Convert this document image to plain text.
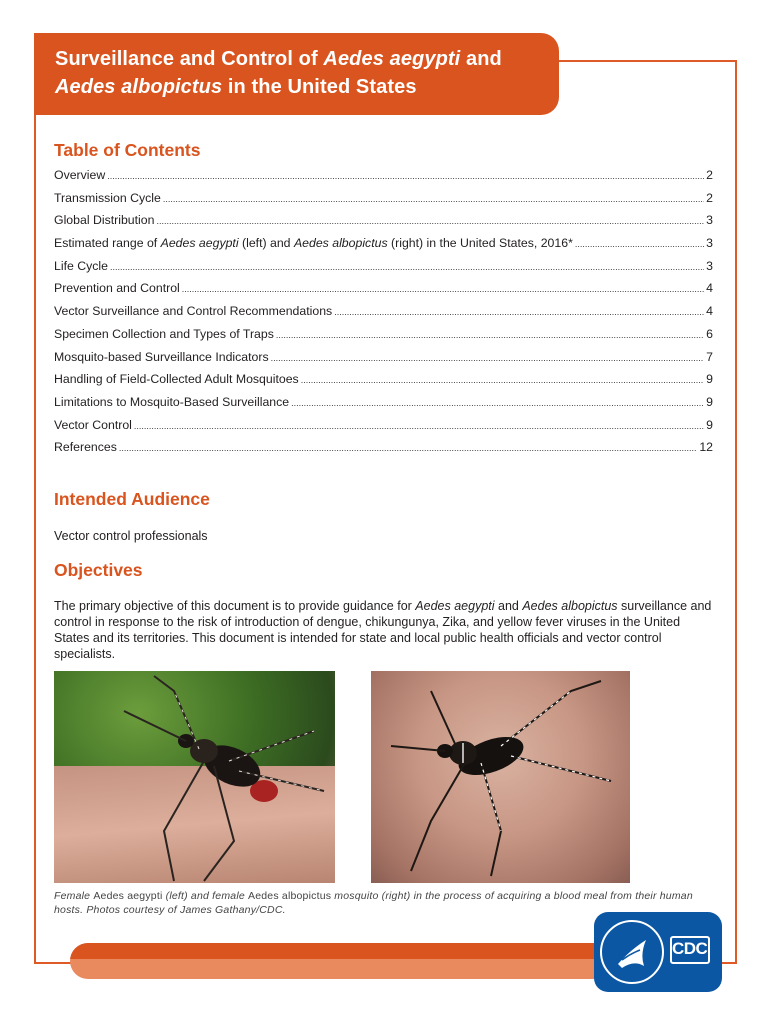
Surveillance and Control of Aedes aegypti and
Aedes albopictus in the United States
Table of Contents
Overview .....	2
Transmission Cycle .....	2
Global Distribution .....	3
Estimated range of Aedes aegypti (left) and Aedes albopictus (right) in the United States, 2016* .....	3
Life Cycle .....	3
Prevention and Control .....	4
Vector Surveillance and Control Recommendations .....	4
Specimen Collection and Types of Traps .....	6
Mosquito-based Surveillance Indicators .....	7
Handling of Field-Collected Adult Mosquitoes .....	9
Limitations to Mosquito-Based Surveillance .....	9
Vector Control .....	9
References .....	12
Intended Audience
Vector control professionals
Objectives
The primary objective of this document is to provide guidance for Aedes aegypti and Aedes albopictus surveillance and control in response to the risk of introduction of dengue, chikungunya, Zika, and yellow fever viruses in the United States and its territories. This document is intended for state and local public health officials and vector control specialists.
Female Aedes aegypti (left) and female Aedes albopictus mosquito (right) in the process of acquiring a blood meal from their human hosts. Photos courtesy of James Gathany/CDC.
CDC
